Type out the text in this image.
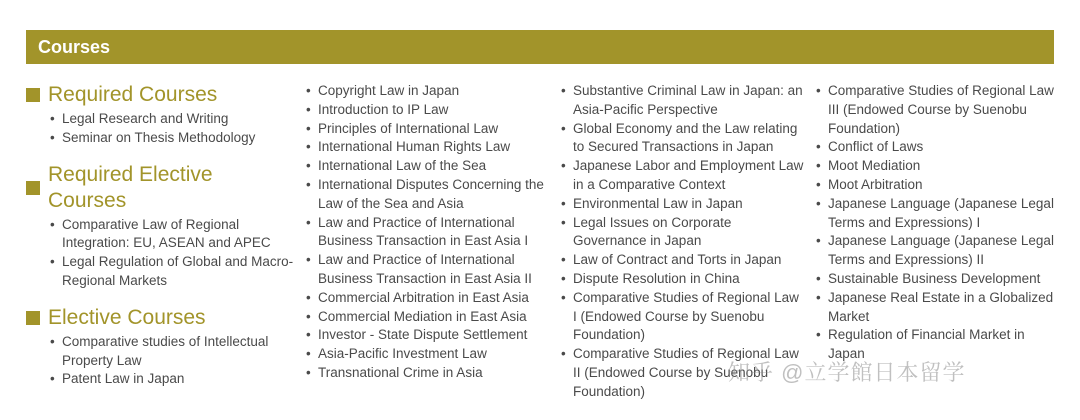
Courses
Required Courses
• Legal Research and Writing
• Seminar on Thesis Methodology
Required Elective Courses
• Comparative Law of Regional Integration: EU, ASEAN and APEC
• Legal Regulation of Global and Macro-Regional Markets
Elective Courses
• Comparative studies of Intellectual Property Law
• Patent Law in Japan
• Copyright Law in Japan
• Introduction to IP Law
• Principles of International Law
• International Human Rights Law
• International Law of the Sea
• International Disputes Concerning the Law of the Sea and Asia
• Law and Practice of International Business Transaction in East Asia I
• Law and Practice of International Business Transaction in East Asia II
• Commercial Arbitration in East Asia
• Commercial Mediation in East Asia
• Investor - State Dispute Settlement
• Asia-Pacific Investment Law
• Transnational Crime in Asia
• Substantive Criminal Law in Japan: an Asia-Pacific Perspective
• Global Economy and the Law relating to Secured Transactions in Japan
• Japanese Labor and Employment Law in a Comparative Context
• Environmental Law in Japan
• Legal Issues on Corporate Governance in Japan
• Law of Contract and Torts in Japan
• Dispute Resolution in China
• Comparative Studies of Regional Law I (Endowed Course by Suenobu Foundation)
• Comparative Studies of Regional Law II (Endowed Course by Suenobu Foundation)
• Comparative Studies of Regional Law III (Endowed Course by Suenobu Foundation)
• Conflict of Laws
• Moot Mediation
• Moot Arbitration
• Japanese Language (Japanese Legal Terms and Expressions) I
• Japanese Language (Japanese Legal Terms and Expressions) II
• Sustainable Business Development
• Japanese Real Estate in a Globalized Market
• Regulation of Financial Market in Japan
知乎 @立学館日本留学
